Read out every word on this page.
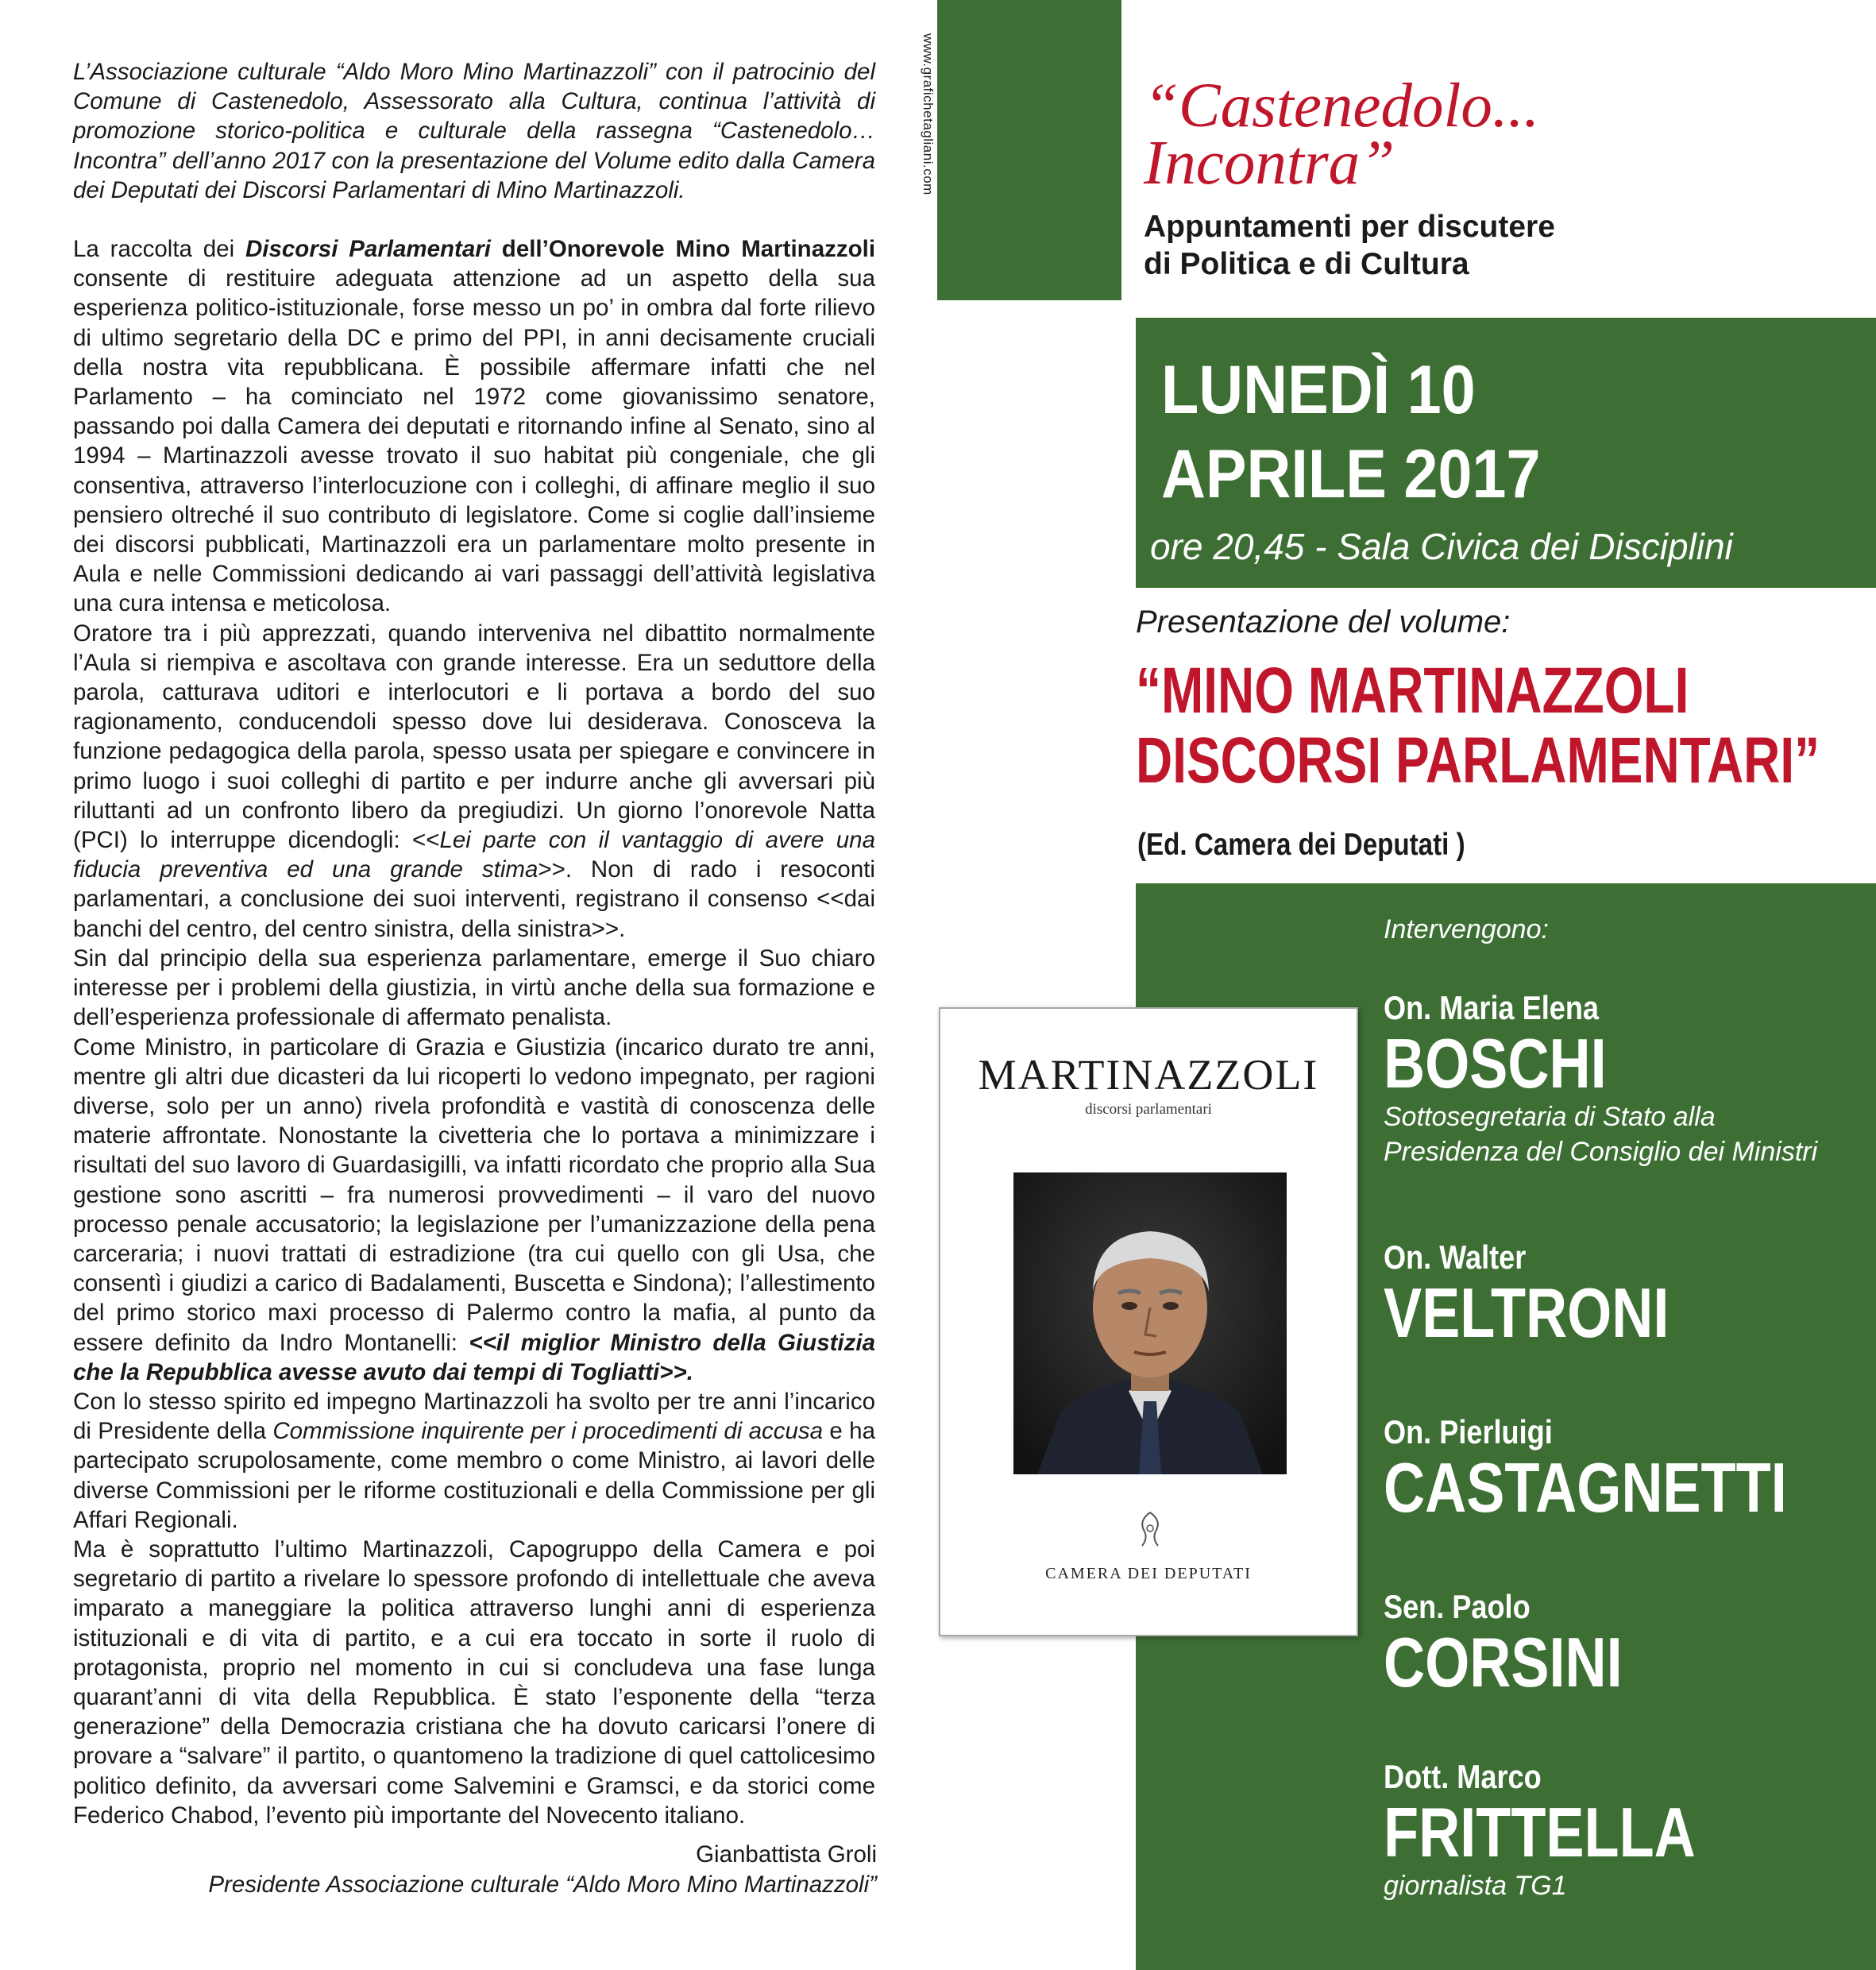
L’Associazione culturale “Aldo Moro Mino Martinazzoli” con il patrocinio del Comune di Castenedolo, Assessorato alla Cultura, continua l’attività di promozione storico-politica e culturale della rassegna “Castenedolo…Incontra” dell’anno 2017 con la presentazione del Volume edito dalla Camera dei Deputati dei Discorsi Parlamentari di Mino Martinazzoli.

La raccolta dei Discorsi Parlamentari dell’Onorevole Mino Martinazzoli consente di restituire adeguata attenzione ad un aspetto della sua esperienza politico-istituzionale, forse messo un po’ in ombra dal forte rilievo di ultimo segretario della DC e primo del PPI, in anni decisamente cruciali della nostra vita repubblicana. È possibile affermare infatti che nel Parlamento – ha cominciato nel 1972 come giovanissimo senatore, passando poi dalla Camera dei deputati e ritornando infine al Senato, sino al 1994 – Martinazzoli avesse trovato il suo habitat più congeniale, che gli consentiva, attraverso l’interlocuzione con i colleghi, di affinare meglio il suo pensiero oltreché il suo contributo di legislatore. Come si coglie dall’insieme dei discorsi pubblicati, Martinazzoli era un parlamentare molto presente in Aula e nelle Commissioni dedicando ai vari passaggi dell’attività legislativa una cura intensa e meticolosa.

Oratore tra i più apprezzati, quando interveniva nel dibattito normalmente l’Aula si riempiva e ascoltava con grande interesse. Era un seduttore della parola, catturava uditori e interlocutori e li portava a bordo del suo ragionamento, conducendoli spesso dove lui desiderava. Conosceva la funzione pedagogica della parola, spesso usata per spiegare e convincere in primo luogo i suoi colleghi di partito e per indurre anche gli avversari più riluttanti ad un confronto libero da pregiudizi. Un giorno l’onorevole Natta (PCI) lo interruppe dicendogli: <<Lei parte con il vantaggio di avere una fiducia preventiva ed una grande stima>>. Non di rado i resoconti parlamentari, a conclusione dei suoi interventi, registrano il consenso <<dai banchi del centro, del centro sinistra, della sinistra>>.

Sin dal principio della sua esperienza parlamentare, emerge il Suo chiaro interesse per i problemi della giustizia, in virtù anche della sua formazione e dell’esperienza professionale di affermato penalista.

Come Ministro, in particolare di Grazia e Giustizia (incarico durato tre anni, mentre gli altri due dicasteri da lui ricoperti lo vedono impegnato, per ragioni diverse, solo per un anno) rivela profondità e vastità di conoscenza delle materie affrontate. Nonostante la civetteria che lo portava a minimizzare i risultati del suo lavoro di Guardasigilli, va infatti ricordato che proprio alla Sua gestione sono ascritti – fra numerosi provvedimenti – il varo del nuovo processo penale accusatorio; la legislazione per l’umanizzazione della pena carceraria; i nuovi trattati di estradizione (tra cui quello con gli Usa, che consentì i giudizi a carico di Badalamenti, Buscetta e Sindona); l’allestimento del primo storico maxi processo di Palermo contro la mafia, al punto da essere definito da Indro Montanelli: <<il miglior Ministro della Giustizia che la Repubblica avesse avuto dai tempi di Togliatti>>.

Con lo stesso spirito ed impegno Martinazzoli ha svolto per tre anni l’incarico di Presidente della Commissione inquirente per i procedimenti di accusa e ha partecipato scrupolosamente, come membro o come Ministro, ai lavori delle diverse Commissioni per le riforme costituzionali e della Commissione per gli Affari Regionali.

Ma è soprattutto l’ultimo Martinazzoli, Capogruppo della Camera e poi segretario di partito a rivelare lo spessore profondo di intellettuale che aveva imparato a maneggiare la politica attraverso lunghi anni di esperienza istituzionali e di vita di partito, e a cui era toccato in sorte il ruolo di protagonista, proprio nel momento in cui si concludeva una fase lunga quarant’anni di vita della Repubblica. È stato l’esponente della “terza generazione” della Democrazia cristiana che ha dovuto caricarsi l’onere di provare a “salvare” il partito, o quantomeno la tradizione di quel cattolicesimo politico definito, da avversari come Salvemini e Gramsci, e da storici come Federico Chabod, l’evento più importante del Novecento italiano.

Gianbattista Groli
Presidente Associazione culturale “Aldo Moro Mino Martinazzoli”
www.grafichetagliani.com	“Castenedolo...
Incontra”
Appuntamenti per discutere
di Politica e di Cultura
LUNEDÌ 10
APRILE 2017
ore 20,45 - Sala Civica dei Disciplini
Presentazione del volume:
“MINO MARTINAZZOLI
DISCORSI PARLAMENTARI”
(Ed. Camera dei Deputati )
Intervengono:
On. Maria Elena
BOSCHI
Sottosegretaria di Stato alla
Presidenza del Consiglio dei Ministri
On. Walter
VELTRONI
On. Pierluigi
CASTAGNETTI
Sen. Paolo
CORSINI
Dott. Marco
FRITTELLA
giornalista TG1
MARTINAZZOLI
discorsi parlamentari
CAMERA DEI DEPUTATI
